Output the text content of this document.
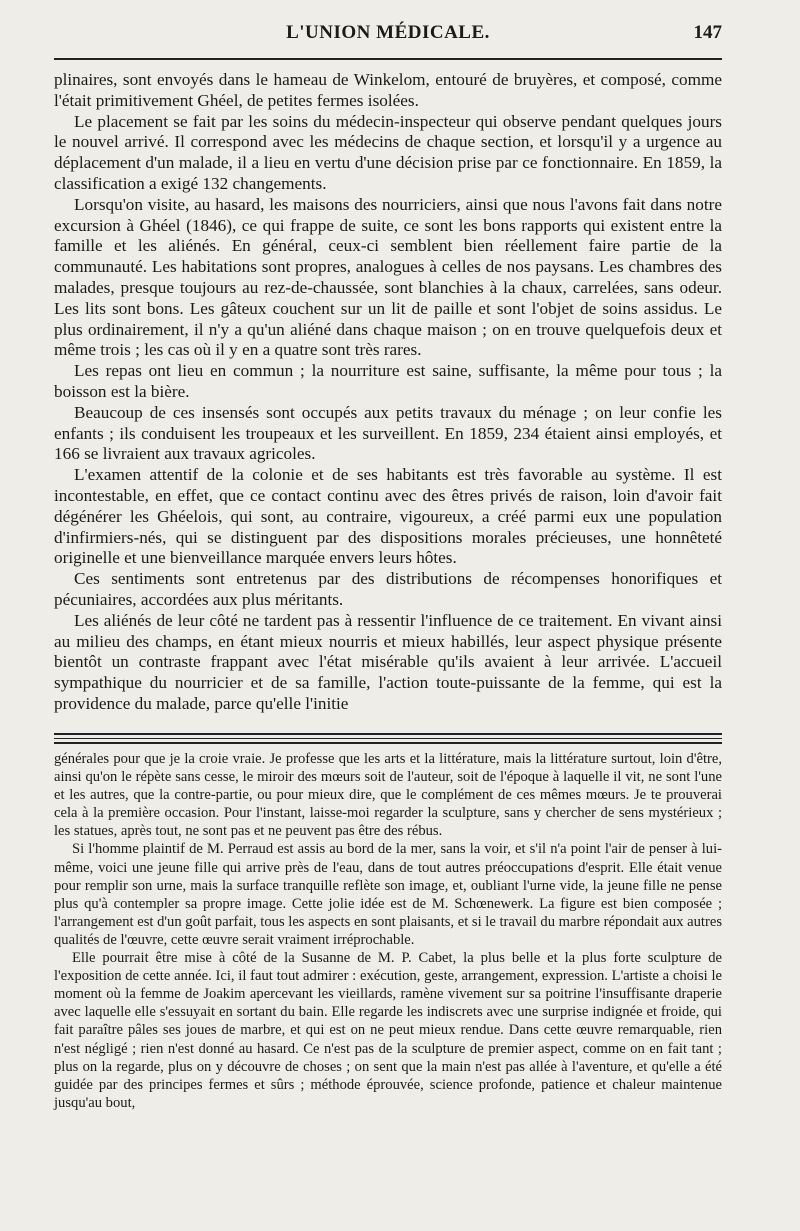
L'UNION MÉDICALE.	147

plinaires, sont envoyés dans le hameau de Winkelom, entouré de bruyères, et composé, comme l'était primitivement Ghéel, de petites fermes isolées.

Le placement se fait par les soins du médecin-inspecteur qui observe pendant quelques jours le nouvel arrivé. Il correspond avec les médecins de chaque section, et lorsqu'il y a urgence au déplacement d'un malade, il a lieu en vertu d'une décision prise par ce fonctionnaire. En 1859, la classification a exigé 132 changements.

Lorsqu'on visite, au hasard, les maisons des nourriciers, ainsi que nous l'avons fait dans notre excursion à Ghéel (1846), ce qui frappe de suite, ce sont les bons rapports qui existent entre la famille et les aliénés. En général, ceux-ci semblent bien réellement faire partie de la communauté. Les habitations sont propres, analogues à celles de nos paysans. Les chambres des malades, presque toujours au rez-de-chaussée, sont blanchies à la chaux, carrelées, sans odeur. Les lits sont bons. Les gâteux couchent sur un lit de paille et sont l'objet de soins assidus. Le plus ordinairement, il n'y a qu'un aliéné dans chaque maison ; on en trouve quelquefois deux et même trois ; les cas où il y en a quatre sont très rares.

Les repas ont lieu en commun ; la nourriture est saine, suffisante, la même pour tous ; la boisson est la bière.

Beaucoup de ces insensés sont occupés aux petits travaux du ménage ; on leur confie les enfants ; ils conduisent les troupeaux et les surveillent. En 1859, 234 étaient ainsi employés, et 166 se livraient aux travaux agricoles.

L'examen attentif de la colonie et de ses habitants est très favorable au système. Il est incontestable, en effet, que ce contact continu avec des êtres privés de raison, loin d'avoir fait dégénérer les Ghéelois, qui sont, au contraire, vigoureux, a créé parmi eux une population d'infirmiers-nés, qui se distinguent par des dispositions morales précieuses, une honnêteté originelle et une bienveillance marquée envers leurs hôtes.

Ces sentiments sont entretenus par des distributions de récompenses honorifiques et pécuniaires, accordées aux plus méritants.

Les aliénés de leur côté ne tardent pas à ressentir l'influence de ce traitement. En vivant ainsi au milieu des champs, en étant mieux nourris et mieux habillés, leur aspect physique présente bientôt un contraste frappant avec l'état misérable qu'ils avaient à leur arrivée. L'accueil sympathique du nourricier et de sa famille, l'action toute-puissante de la femme, qui est la providence du malade, parce qu'elle l'initie

générales pour que je la croie vraie. Je professe que les arts et la littérature, mais la littérature surtout, loin d'être, ainsi qu'on le répète sans cesse, le miroir des mœurs soit de l'auteur, soit de l'époque à laquelle il vit, ne sont l'une et les autres, que la contre-partie, ou pour mieux dire, que le complément de ces mêmes mœurs. Je te prouverai cela à la première occasion. Pour l'instant, laisse-moi regarder la sculpture, sans y chercher de sens mystérieux ; les statues, après tout, ne sont pas et ne peuvent pas être des rébus.

Si l'homme plaintif de M. Perraud est assis au bord de la mer, sans la voir, et s'il n'a point l'air de penser à lui-même, voici une jeune fille qui arrive près de l'eau, dans de tout autres préoccupations d'esprit. Elle était venue pour remplir son urne, mais la surface tranquille reflète son image, et, oubliant l'urne vide, la jeune fille ne pense plus qu'à contempler sa propre image. Cette jolie idée est de M. Schœnewerk. La figure est bien composée ; l'arrangement est d'un goût parfait, tous les aspects en sont plaisants, et si le travail du marbre répondait aux autres qualités de l'œuvre, cette œuvre serait vraiment irréprochable.

Elle pourrait être mise à côté de la Susanne de M. P. Cabet, la plus belle et la plus forte sculpture de l'exposition de cette année. Ici, il faut tout admirer : exécution, geste, arrangement, expression. L'artiste a choisi le moment où la femme de Joakim apercevant les vieillards, ramène vivement sur sa poitrine l'insuffisante draperie avec laquelle elle s'essuyait en sortant du bain. Elle regarde les indiscrets avec une surprise indignée et froide, qui fait paraître pâles ses joues de marbre, et qui est on ne peut mieux rendue. Dans cette œuvre remarquable, rien n'est négligé ; rien n'est donné au hasard. Ce n'est pas de la sculpture de premier aspect, comme on en fait tant ; plus on la regarde, plus on y découvre de choses ; on sent que la main n'est pas allée à l'aventure, et qu'elle a été guidée par des principes fermes et sûrs ; méthode éprouvée, science profonde, patience et chaleur maintenue jusqu'au bout,
